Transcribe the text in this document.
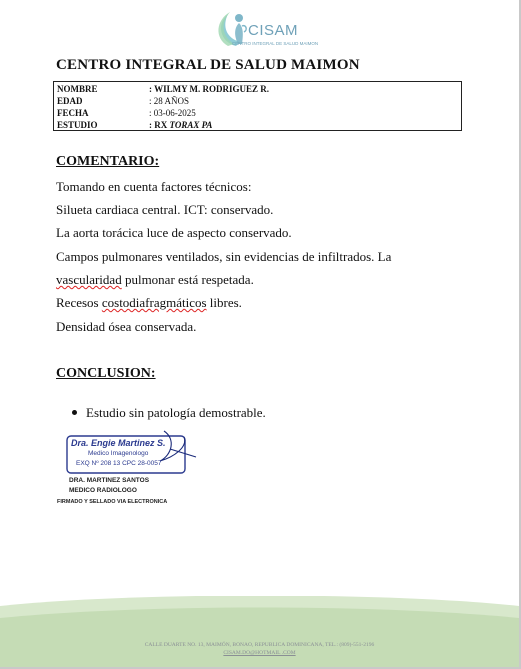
CISAM
CENTRO INTEGRAL DE SALUD MAIMON
CENTRO INTEGRAL DE SALUD MAIMON
NOMBRE	: WILMY M. RODRIGUEZ R.
EDAD	: 28 AÑOS
FECHA	: 03-06-2025
ESTUDIO	: RX TORAX PA
COMENTARIO:
Tomando en cuenta factores técnicos:
Silueta cardiaca central. ICT: conservado.
La aorta torácica luce de aspecto conservado.
Campos pulmonares ventilados, sin evidencias de infiltrados. La
vascularidad pulmonar está respetada.
Recesos costodiafragmáticos libres.
Densidad ósea conservada.
CONCLUSION:
Estudio sin patología demostrable.
Dra. Engie Martinez S.
Medico Imagenologo
EXQ Nº 208 13 CPC 28-0057
DRA. MARTINEZ SANTOS
MEDICO RADIOLOGO
FIRMADO Y SELLADO VIA ELECTRONICA
CALLE DUARTE NO. 13, MAIMÓN, BONAO, REPUBLICA DOMINICANA, TEL.: (809)-551-2196
CISAM.DO@HOTMAIL .COM
